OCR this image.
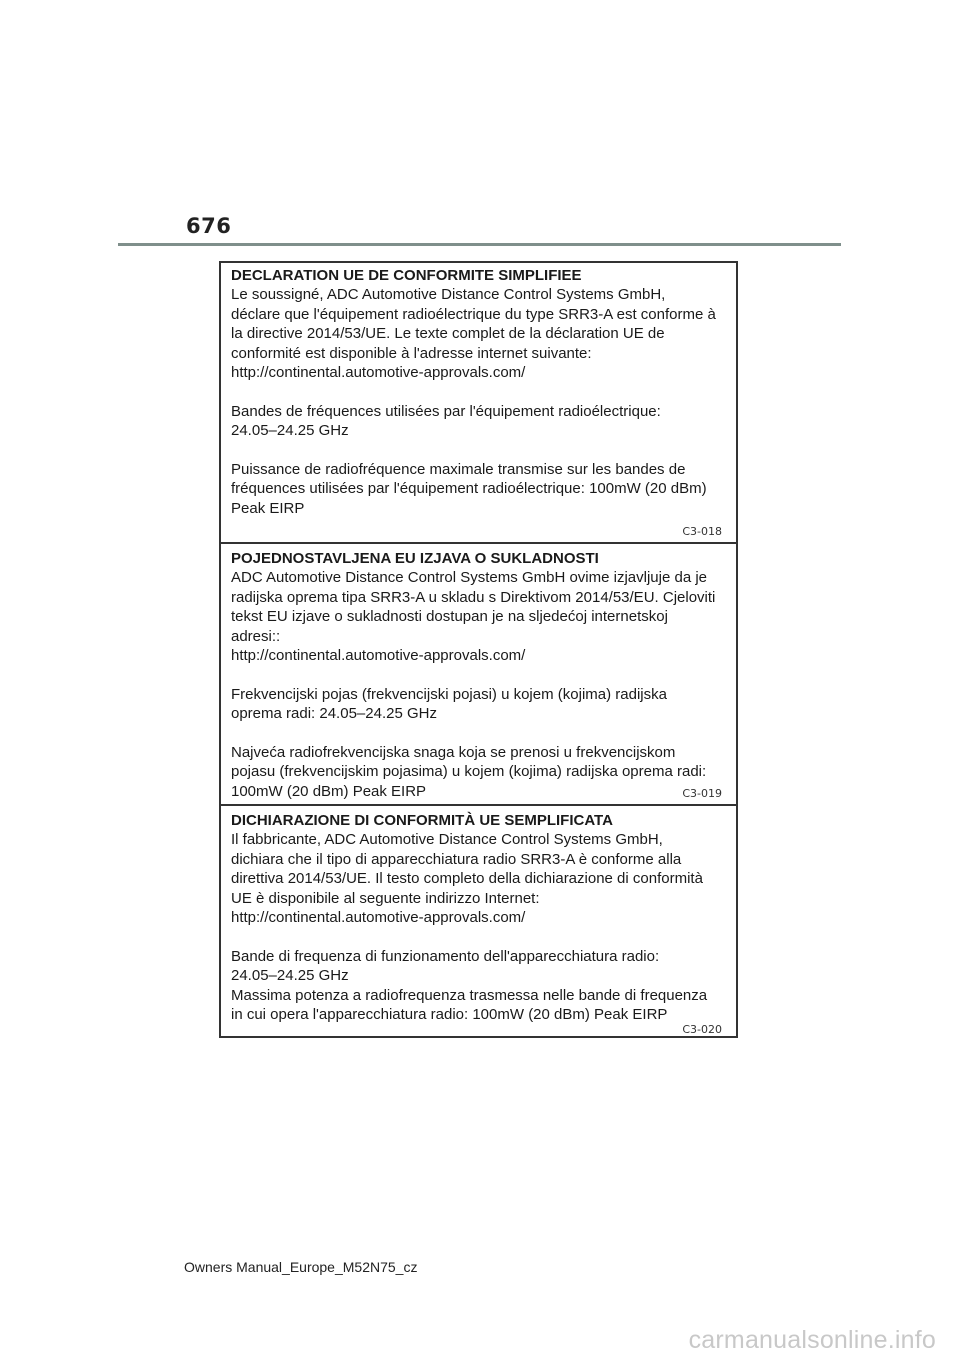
676
DECLARATION UE DE CONFORMITE SIMPLIFIEE
Le soussigné, ADC Automotive Distance Control Systems GmbH,
déclare que l'équipement radioélectrique du type SRR3-A est conforme à
la directive 2014/53/UE. Le texte complet de la déclaration UE de
conformité est disponible à l'adresse internet suivante:
http://continental.automotive-approvals.com/
Bandes de fréquences utilisées par l'équipement radioélectrique:
24.05–24.25 GHz
Puissance de radiofréquence maximale transmise sur les bandes de
fréquences utilisées par l'équipement radioélectrique: 100mW (20 dBm)
Peak EIRP
C3-018
POJEDNOSTAVLJENA EU IZJAVA O SUKLADNOSTI
ADC Automotive Distance Control Systems GmbH ovime izjavljuje da je
radijska oprema tipa SRR3-A u skladu s Direktivom 2014/53/EU. Cjeloviti
tekst EU izjave o sukladnosti dostupan je na sljedećoj internetskoj
adresi::
http://continental.automotive-approvals.com/
Frekvencijski pojas (frekvencijski pojasi) u kojem (kojima) radijska
oprema radi: 24.05–24.25 GHz
Najveća radiofrekvencijska snaga koja se prenosi u frekvencijskom
pojasu (frekvencijskim pojasima) u kojem (kojima) radijska oprema radi:
100mW (20 dBm) Peak EIRP	C3-019
DICHIARAZIONE DI CONFORMITÀ UE SEMPLIFICATA
Il fabbricante, ADC Automotive Distance Control Systems GmbH,
dichiara che il tipo di apparecchiatura radio SRR3-A è conforme alla
direttiva 2014/53/UE. Il testo completo della dichiarazione di conformità
UE è disponibile al seguente indirizzo Internet:
http://continental.automotive-approvals.com/
Bande di frequenza di funzionamento dell'apparecchiatura radio:
24.05–24.25 GHz
Massima potenza a radiofrequenza trasmessa nelle bande di frequenza
in cui opera l'apparecchiatura radio: 100mW (20 dBm) Peak EIRP
C3-020
Owners Manual_Europe_M52N75_cz
carmanualsonline.info
